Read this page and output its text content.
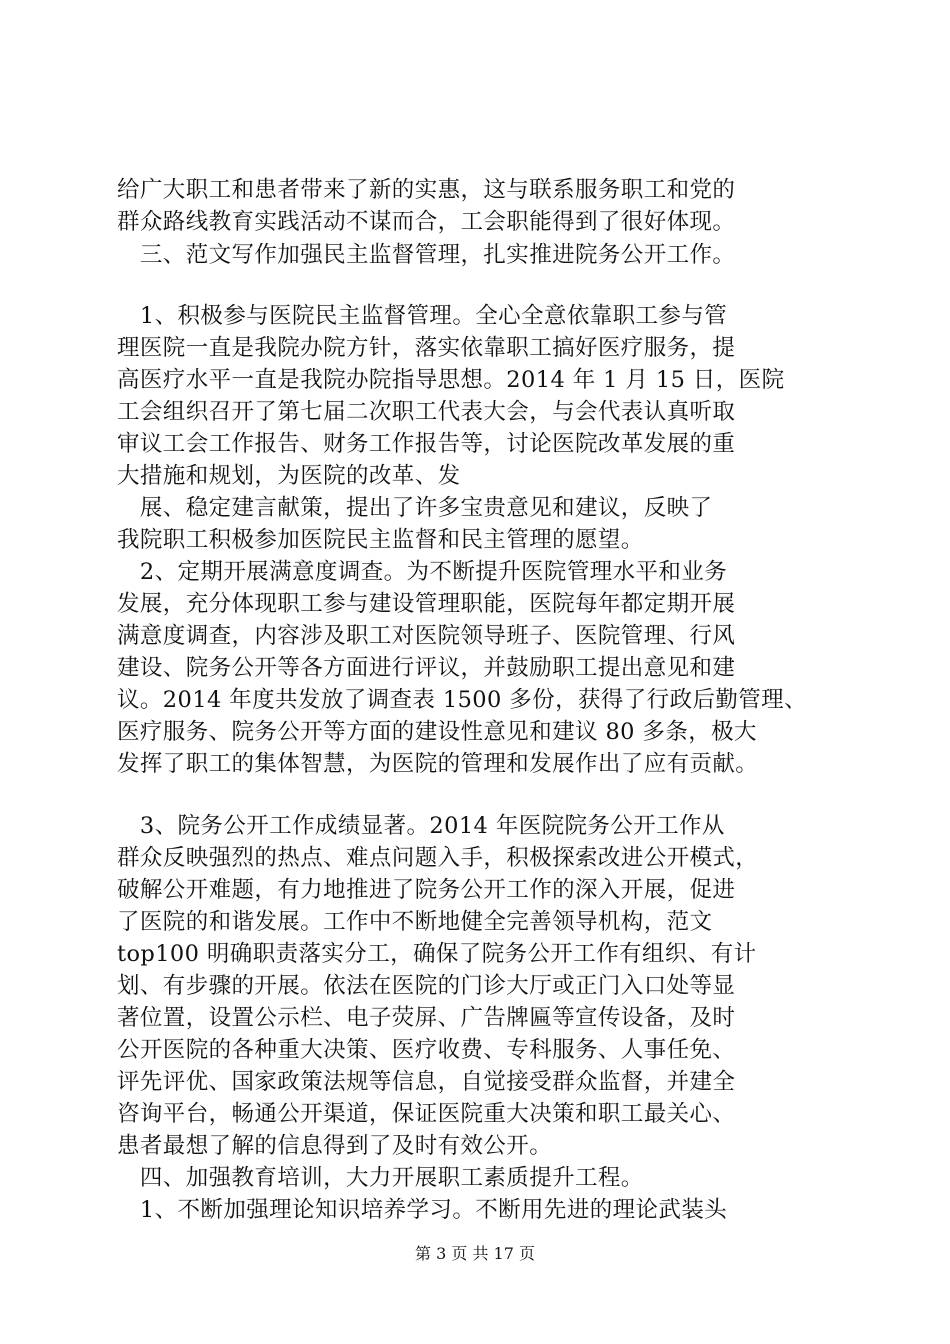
给广大职工和患者带来了新的实惠，这与联系服务职工和党的
群众路线教育实践活动不谋而合，工会职能得到了很好体现。
　三、范文写作加强民主监督管理，扎实推进院务公开工作。
　1、积极参与医院民主监督管理。全心全意依靠职工参与管
理医院一直是我院办院方针，落实依靠职工搞好医疗服务，提
高医疗水平一直是我院办院指导思想。2014 年 1 月 15 日，医院
工会组织召开了第七届二次职工代表大会，与会代表认真听取
审议工会工作报告、财务工作报告等，讨论医院改革发展的重
大措施和规划，为医院的改革、发
　展、稳定建言献策，提出了许多宝贵意见和建议，反映了
我院职工积极参加医院民主监督和民主管理的愿望。
　2、定期开展满意度调查。为不断提升医院管理水平和业务
发展，充分体现职工参与建设管理职能，医院每年都定期开展
满意度调查，内容涉及职工对医院领导班子、医院管理、行风
建设、院务公开等各方面进行评议，并鼓励职工提出意见和建
议。2014 年度共发放了调查表 1500 多份，获得了行政后勤管理、
医疗服务、院务公开等方面的建设性意见和建议 80 多条，极大
发挥了职工的集体智慧，为医院的管理和发展作出了应有贡献。
　3、院务公开工作成绩显著。2014 年医院院务公开工作从
群众反映强烈的热点、难点问题入手，积极探索改进公开模式，
破解公开难题，有力地推进了院务公开工作的深入开展，促进
了医院的和谐发展。工作中不断地健全完善领导机构，范文
top100 明确职责落实分工，确保了院务公开工作有组织、有计
划、有步骤的开展。依法在医院的门诊大厅或正门入口处等显
著位置，设置公示栏、电子荧屏、广告牌匾等宣传设备，及时
公开医院的各种重大决策、医疗收费、专科服务、人事任免、
评先评优、国家政策法规等信息，自觉接受群众监督，并建全
咨询平台，畅通公开渠道，保证医院重大决策和职工最关心、
患者最想了解的信息得到了及时有效公开。
　四、加强教育培训，大力开展职工素质提升工程。
　1、不断加强理论知识培养学习。不断用先进的理论武装头
第 3 页 共 17 页
